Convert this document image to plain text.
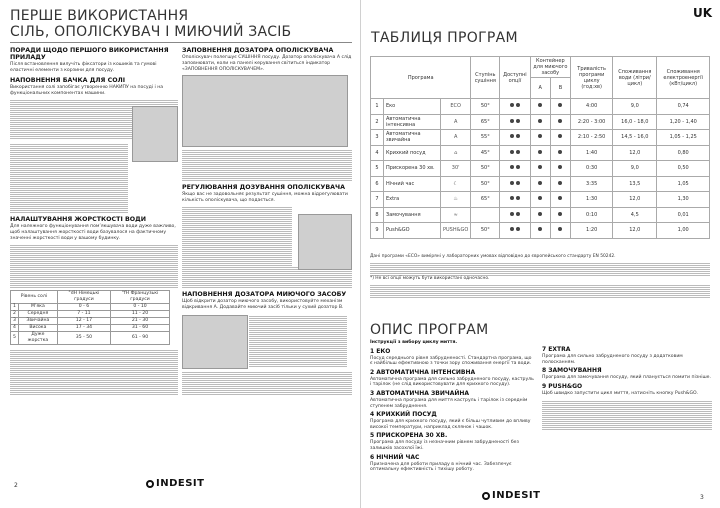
ПЕРШЕ ВИКОРИСТАННЯ
СІЛЬ, ОПОЛІСКУВАЧ І МИЮЧИЙ ЗАСІБ
ПОРАДИ ЩОДО ПЕРШОГО ВИКОРИСТАННЯ ПРИЛАДУ

Після встановлення вилучіть фіксатори із кошиків та гумові еластичні елементи з корзини для посуду.

НАПОВНЕННЯ БАЧКА ДЛЯ СОЛІ

Використання солі запобігає утворенню НАКИПУ на посуді і на функціональних компонентах машини.

НАЛАШТУВАННЯ ЖОРСТКОСТІ ВОДИ

Для належного функціонування пом’якшувача води дуже важливо, щоб налаштування жорсткості води базувалося на фактичному значенні жорсткості води у вашому будинку.

Рівень солі		°dH Німецькі градуси	°fH Французькі градуси
1	М’яка	0 - 6	0 - 10
2	Середня	7 - 11	11 - 20
3	Звичайна	12 - 17	21 - 30
4	Висока	17 - 34	31 - 60
5	Дуже жорстка	35 - 50	61 - 90
ЗАПОВНЕННЯ ДОЗАТОРА ОПОЛІСКУВАЧА

Ополіскувач полегшує СУШІННЯ посуду. Дозатор ополіскувача А слід заповнювати, коли на панелі керування світиться індикатор «ЗАПОВНЕННЯ ОПОЛІСКУВАЧЕМ».

РЕГУЛЮВАННЯ ДОЗУВАННЯ ОПОЛІСКУВАЧА

Якщо вас не задовольняє результат сушіння, можна відрегулювати кількість ополіскувача, що подається.

НАПОВНЕННЯ ДОЗАТОРА МИЮЧОГО ЗАСОБУ

Щоб відкрити дозатор миючого засобу, використовуйте механізм відкривання А. Додавайте миючий засіб тільки у сухий дозатор В.

2	INDESIT
ТАБЛИЦЯ ПРОГРАМ
UK
Програма			Ступінь сушіння	Доступні опції	Контейнер для миючого засобу		Тривалість програми циклу (год:хв)	Споживання води (літри/цикл)	Споживання електроенергії (кВт/цикл)
					А	В			
1	Еко	ECO	50°				4:00	9,0	0,74
2	Автоматична інтенсивна	A	65°				2:20 - 3:00	16,0 - 18,0	1,20 - 1,40
3	Автоматична звичайна	A	55°				2:10 - 2:50	14,5 - 16,0	1,05 - 1,25
4	Крихкий посуд	⌂	45°				1:40	12,0	0,80
5	Прискорена 30 хв.	30'	50°				0:30	9,0	0,50
6	Нічний час	☾	50°				3:35	13,5	1,05
7	Extra	♨	65°				1:30	12,0	1,30
8	Замочування	≈					0:10	4,5	0,01
9	Push&GO	PUSH&GO	50°				1:20	12,0	1,00

Дані програми «ЕСО» виміряні у лабораторних умовах відповідно до європейського стандарту EN 50242.

*) Не всі опції можуть бути використані одночасно.

ОПИС ПРОГРАМ

Інструкції з вибору циклу миття.

1 ЕКО

Посуд середнього рівня забрудненості. Стандартна програма, що є найбільш ефективною з точки зору споживання енергії та води.

2 АВТОМАТИЧНА ІНТЕНСИВНА

Автоматична програма для сильно забрудненого посуду, каструль і тарілок (не слід використовувати для крихкого посуду).

3 АВТОМАТИЧНА ЗВИЧАЙНА

Автоматична програма для миття каструль і тарілок із середнім ступенем забруднення.

4 КРИХКИЙ ПОСУД

Програма для крихкого посуду, який є більш чутливим до впливу високої температури, наприклад склянок і чашок.

5 ПРИСКОРЕНА 30 ХВ.

Програма для посуду із незначним рівнем забрудненості без залишків засохлої їжі.

6 НІЧНИЙ ЧАС

Призначена для роботи приладу в нічний час. Забезпечує оптимальну ефективність і тихішу роботу.

7 EXTRA

Програма для сильно забрудненого посуду з додатковим полосканням.

8 ЗАМОЧУВАННЯ

Програма для замочування посуду, який планується помити пізніше.

9 PUSH&GO

Щоб швидко запустити цикл миття, натисніть кнопку Push&GO.

INDESIT	3
